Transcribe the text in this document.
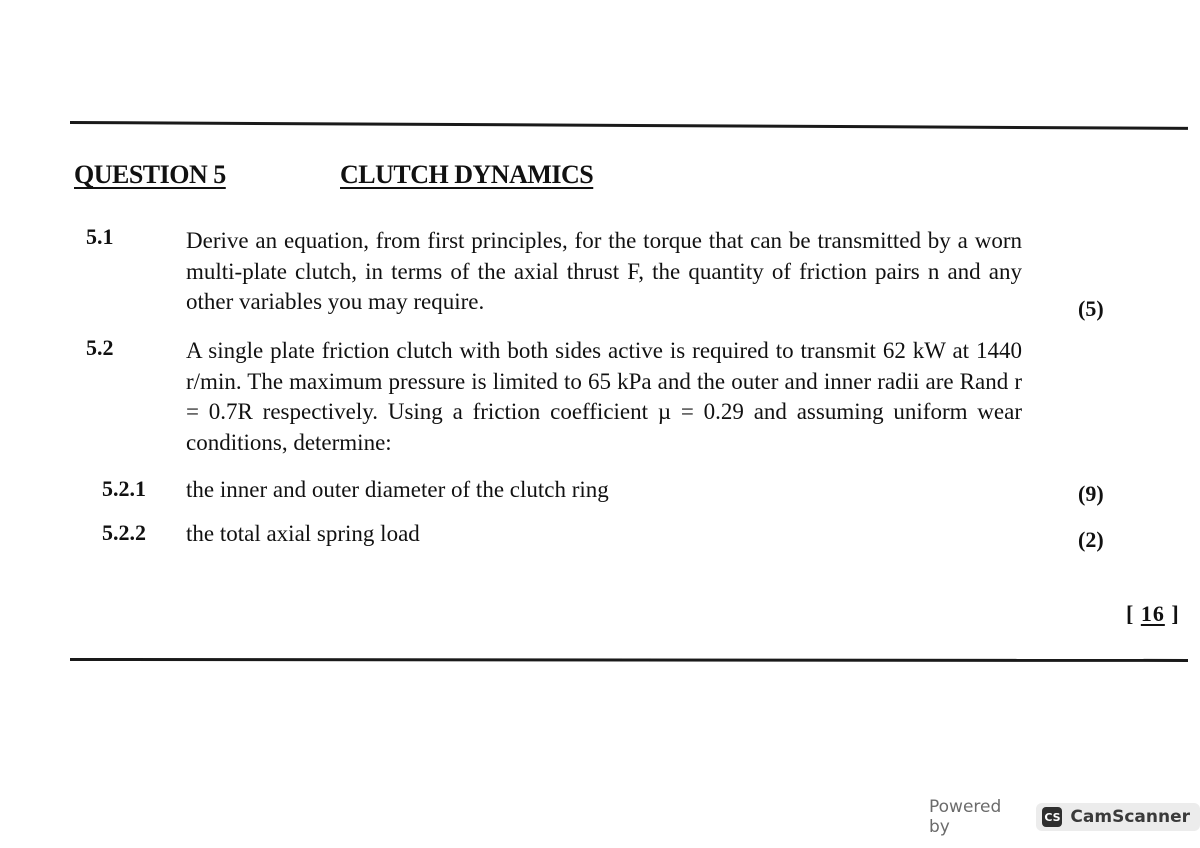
QUESTION 5	CLUTCH DYNAMICS
5.1	Derive an equation, from first principles, for the torque that can be transmitted by a worn multi-plate clutch, in terms of the axial thrust F, the quantity of friction pairs n and any other variables you may require.	(5)
5.2	A single plate friction clutch with both sides active is required to transmit 62 kW at 1440 r/min. The maximum pressure is limited to 65 kPa and the outer and inner radii are Rand r = 0.7R respectively. Using a friction coefficient µ = 0.29 and assuming uniform wear conditions, determine:
5.2.1 the inner and outer diameter of the clutch ring	(9)
5.2.2 the total axial spring load	(2)
[ 16 ]
Powered by	CS CamScanner
